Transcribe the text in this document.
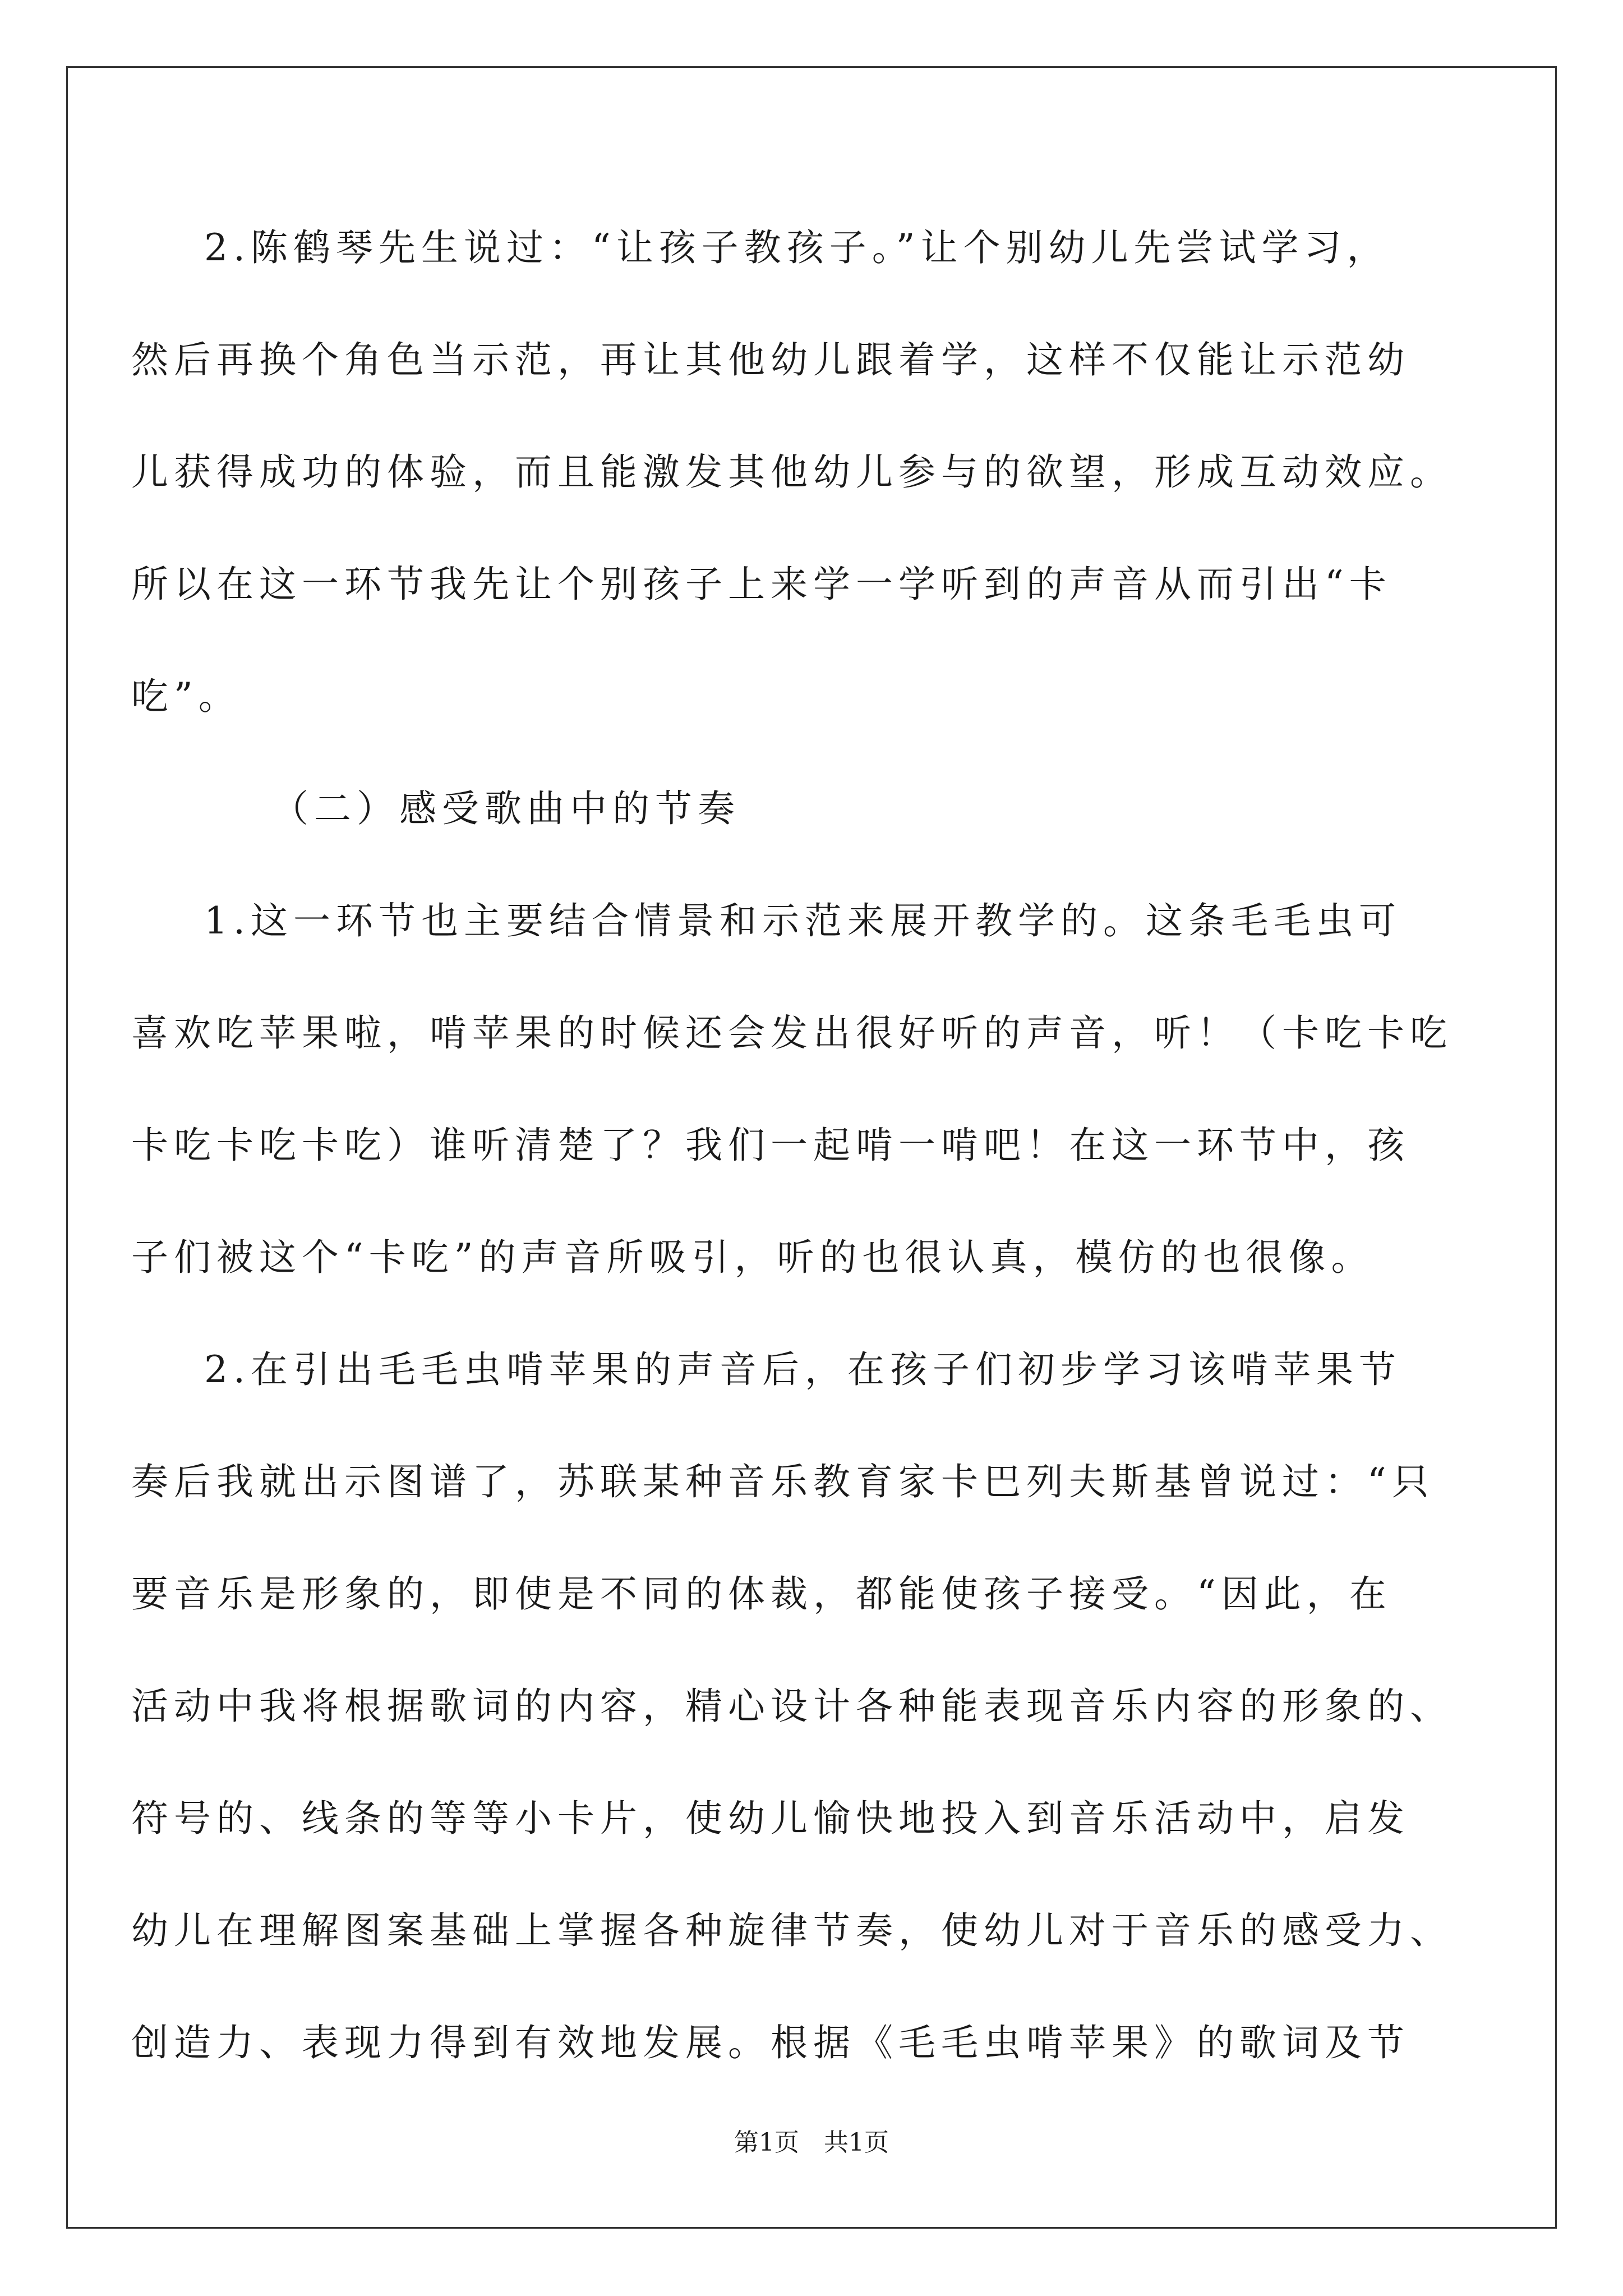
2.陈鹤琴先生说过：“让孩子教孩子。”让个别幼儿先尝试学习，
然后再换个角色当示范，再让其他幼儿跟着学，这样不仅能让示范幼
儿获得成功的体验，而且能激发其他幼儿参与的欲望，形成互动效应。
所以在这一环节我先让个别孩子上来学一学听到的声音从而引出“卡
吃”。
（二）感受歌曲中的节奏
1.这一环节也主要结合情景和示范来展开教学的。这条毛毛虫可
喜欢吃苹果啦，啃苹果的时候还会发出很好听的声音，听！（卡吃卡吃
卡吃卡吃卡吃）谁听清楚了？我们一起啃一啃吧！在这一环节中，孩
子们被这个“卡吃”的声音所吸引，听的也很认真，模仿的也很像。
2.在引出毛毛虫啃苹果的声音后，在孩子们初步学习该啃苹果节
奏后我就出示图谱了，苏联某种音乐教育家卡巴列夫斯基曾说过：“只
要音乐是形象的，即使是不同的体裁，都能使孩子接受。“因此，在
活动中我将根据歌词的内容，精心设计各种能表现音乐内容的形象的、
符号的、线条的等等小卡片，使幼儿愉快地投入到音乐活动中，启发
幼儿在理解图案基础上掌握各种旋律节奏，使幼儿对于音乐的感受力、
创造力、表现力得到有效地发展。根据《毛毛虫啃苹果》的歌词及节
第1页　共1页
